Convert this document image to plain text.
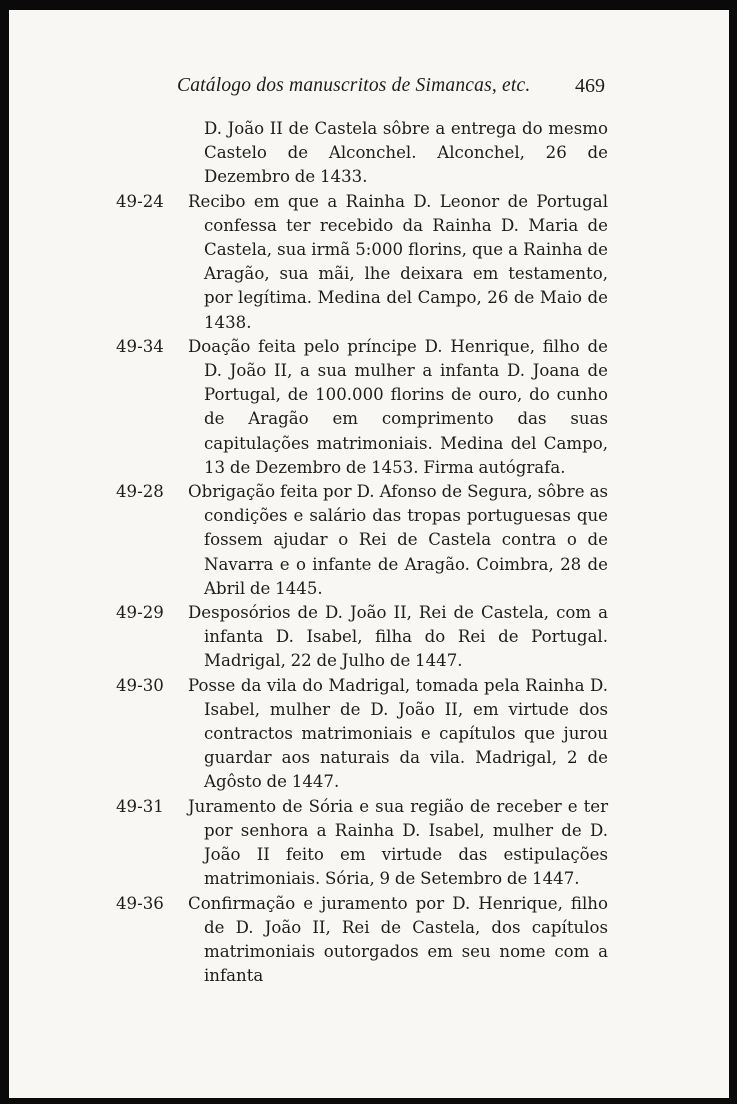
Catálogo dos manuscritos de Simancas, etc. 469
D. João II de Castela sôbre a entrega do mesmo Castelo de Alconchel. Alconchel, 26 de Dezembro de 1433.
49-24 Recibo em que a Rainha D. Leonor de Portugal confessa ter recebido da Rainha D. Maria de Castela, sua irmã 5:000 florins, que a Rainha de Aragão, sua mãi, lhe deixara em testamento, por legítima. Medina del Campo, 26 de Maio de 1438.
49-34 Doação feita pelo príncipe D. Henrique, filho de D. João II, a sua mulher a infanta D. Joana de Portugal, de 100.000 florins de ouro, do cunho de Aragão em comprimento das suas capitulações matrimoniais. Medina del Campo, 13 de Dezembro de 1453. Firma autógrafa.
49-28 Obrigação feita por D. Afonso de Segura, sôbre as condições e salário das tropas portuguesas que fossem ajudar o Rei de Castela contra o de Navarra e o infante de Aragão. Coimbra, 28 de Abril de 1445.
49-29 Desposórios de D. João II, Rei de Castela, com a infanta D. Isabel, filha do Rei de Portugal. Madrigal, 22 de Julho de 1447.
49-30 Posse da vila do Madrigal, tomada pela Rainha D. Isabel, mulher de D. João II, em virtude dos contractos matrimoniais e capítulos que jurou guardar aos naturais da vila. Madrigal, 2 de Agôsto de 1447.
49-31 Juramento de Sória e sua região de receber e ter por senhora a Rainha D. Isabel, mulher de D. João II feito em virtude das estipulações matrimoniais. Sória, 9 de Setembro de 1447.
49-36 Confirmação e juramento por D. Henrique, filho de D. João II, Rei de Castela, dos capítulos matrimoniais outorgados em seu nome com a infanta
